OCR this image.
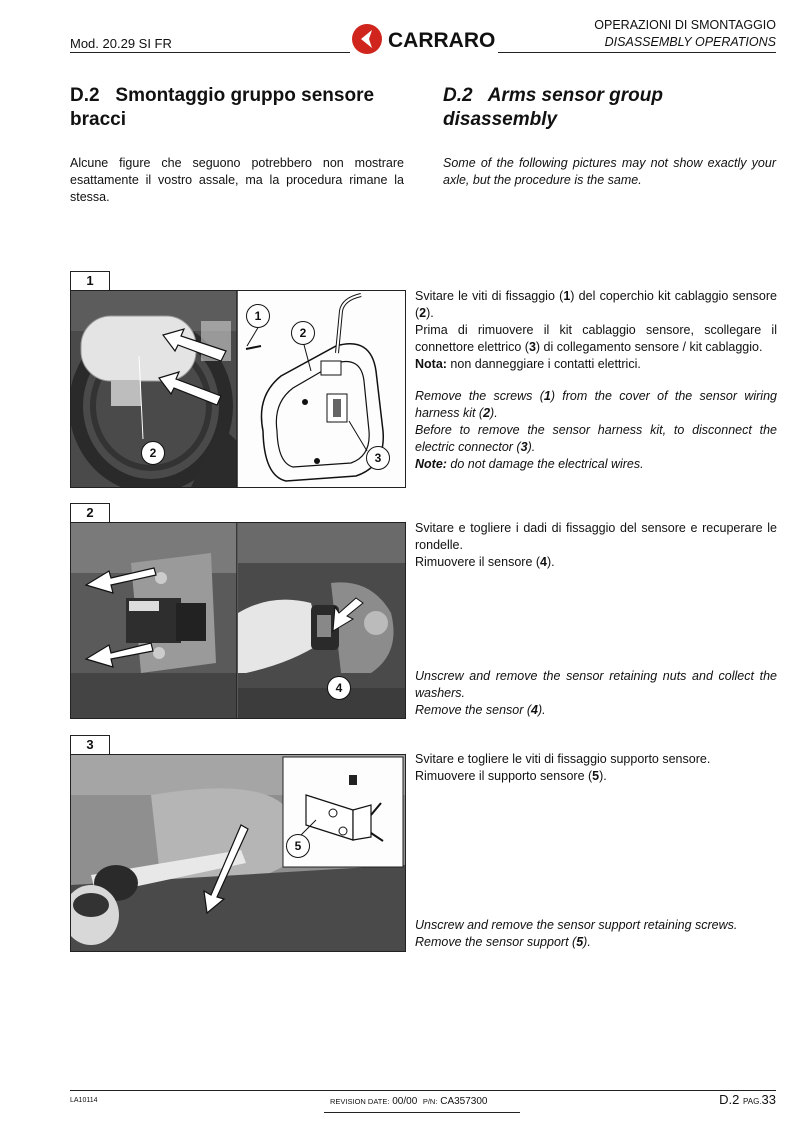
Mod. 20.29 SI FR	CARRARO
OPERAZIONI DI SMONTAGGIO
DISASSEMBLY OPERATIONS
D.2   Smontaggio gruppo sensore bracci
D.2   Arms sensor group disassembly
Alcune figure che seguono potrebbero non mostrare esattamente il vostro assale, ma la procedura rimane la stessa.
Some of the following pictures may not show exactly your axle, but the procedure is the same.
1
2
1
2
3

Svitare le viti di fissaggio (1) del coperchio kit cablaggio sensore (2).

Prima di rimuovere il kit cablaggio sensore, scollegare il connettore elettrico (3) di collegamento sensore / kit cablaggio.

Nota: non danneggiare i contatti elettrici.

Remove the screws (1) from the cover of the sensor wiring harness kit (2).

Before to remove the sensor harness kit, to disconnect the electric connector (3).

Note: do not damage the electrical wires.

2
4

Svitare e togliere i dadi di fissaggio del sensore e recuperare le rondelle.

Rimuovere il sensore (4).

Unscrew and remove the sensor retaining nuts and collect the washers.

Remove the sensor (4).

3
5

Svitare e togliere le viti di fissaggio supporto sensore.

Rimuovere il supporto sensore (5).

Unscrew and remove the sensor support retaining screws.

Remove the sensor support (5).

LA10114	REVISION DATE: 00/00 P/N: CA357300	D.2 PAG.33
